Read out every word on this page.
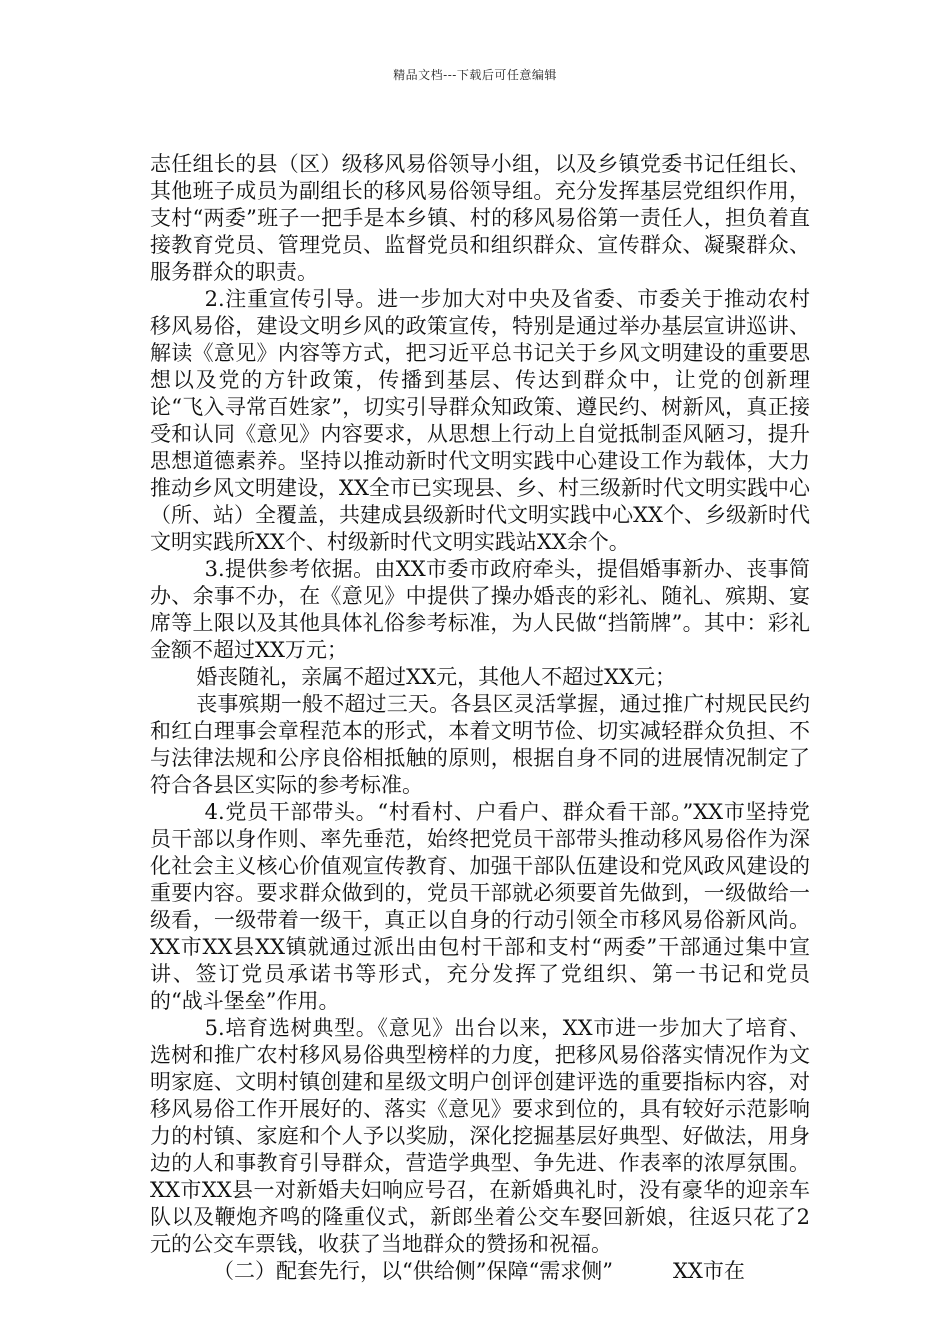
精品文档---下载后可任意编辑

志任组长的县（区）级移风易俗领导小组，以及乡镇党委书记任组长、其他班子成员为副组长的移风易俗领导组。充分发挥基层党组织作用，支村“两委”班子一把手是本乡镇、村的移风易俗第一责任人，担负着直接教育党员、管理党员、监督党员和组织群众、宣传群众、凝聚群众、服务群众的职责。

2.注重宣传引导。进一步加大对中央及省委、市委关于推动农村移风易俗，建设文明乡风的政策宣传，特别是通过举办基层宣讲巡讲、解读《意见》内容等方式，把习近平总书记关于乡风文明建设的重要思想以及党的方针政策，传播到基层、传达到群众中，让党的创新理论“飞入寻常百姓家”，切实引导群众知政策、遵民约、树新风，真正接受和认同《意见》内容要求，从思想上行动上自觉抵制歪风陋习，提升思想道德素养。坚持以推动新时代文明实践中心建设工作为载体，大力推动乡风文明建设，XX全市已实现县、乡、村三级新时代文明实践中心（所、站）全覆盖，共建成县级新时代文明实践中心XX个、乡级新时代文明实践所XX个、村级新时代文明实践站XX余个。

3.提供参考依据。由XX市委市政府牵头，提倡婚事新办、丧事简办、余事不办，在《意见》中提供了操办婚丧的彩礼、随礼、殡期、宴席等上限以及其他具体礼俗参考标准，为人民做“挡箭牌”。其中：彩礼金额不超过XX万元；

婚丧随礼，亲属不超过XX元，其他人不超过XX元；

丧事殡期一般不超过三天。各县区灵活掌握，通过推广村规民民约和红白理事会章程范本的形式，本着文明节俭、切实减轻群众负担、不与法律法规和公序良俗相抵触的原则，根据自身不同的进展情况制定了符合各县区实际的参考标准。

4.党员干部带头。“村看村、户看户、群众看干部。”XX市坚持党员干部以身作则、率先垂范，始终把党员干部带头推动移风易俗作为深化社会主义核心价值观宣传教育、加强干部队伍建设和党风政风建设的重要内容。要求群众做到的，党员干部就必须要首先做到，一级做给一级看，一级带着一级干，真正以自身的行动引领全市移风易俗新风尚。XX市XX县XX镇就通过派出由包村干部和支村“两委”干部通过集中宣讲、签订党员承诺书等形式，充分发挥了党组织、第一书记和党员的“战斗堡垒”作用。

5.培育选树典型。《意见》出台以来，XX市进一步加大了培育、选树和推广农村移风易俗典型榜样的力度，把移风易俗落实情况作为文明家庭、文明村镇创建和星级文明户创评创建评选的重要指标内容，对移风易俗工作开展好的、落实《意见》要求到位的，具有较好示范影响力的村镇、家庭和个人予以奖励，深化挖掘基层好典型、好做法，用身边的人和事教育引导群众，营造学典型、争先进、作表率的浓厚氛围。XX市XX县一对新婚夫妇响应号召，在新婚典礼时，没有豪华的迎亲车队以及鞭炮齐鸣的隆重仪式，新郎坐着公交车娶回新娘，往返只花了2元的公交车票钱，收获了当地群众的赞扬和祝福。

（二）配套先行，以“供给侧”保障“需求侧”	XX市在
